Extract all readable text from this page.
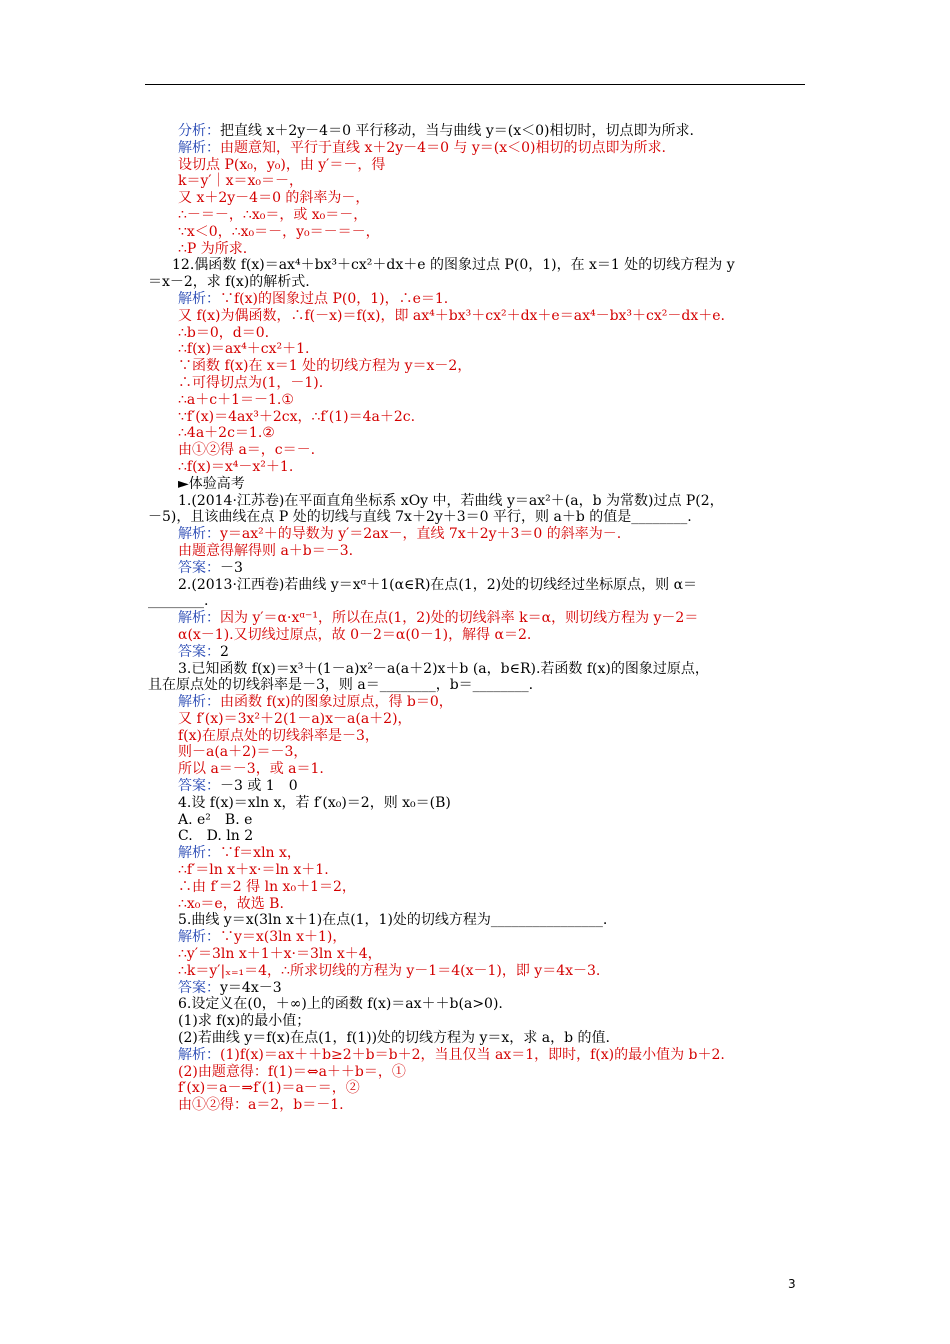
分析：把直线 x＋2y－4＝0 平行移动，当与曲线 y＝(x＜0)相切时，切点即为所求.
解析：由题意知，平行于直线 x＋2y－4＝0 与 y＝(x＜0)相切的切点即为所求.
设切点 P(x₀，y₀)，由 y′＝－，得
k＝y′｜x＝x₀＝－，
又 x＋2y－4＝0 的斜率为－，
∴－＝－，∴x₀＝，或 x₀＝－，
∵x＜0，∴x₀＝－，y₀＝－＝－，
∴P 为所求.
12.偶函数 f(x)＝ax⁴＋bx³＋cx²＋dx＋e 的图象过点 P(0，1)，在 x＝1 处的切线方程为 y
＝x－2，求 f(x)的解析式.
解析：∵f(x)的图象过点 P(0，1)，∴e＝1.
又 f(x)为偶函数，∴f(－x)＝f(x)，即 ax⁴＋bx³＋cx²＋dx＋e＝ax⁴－bx³＋cx²－dx＋e.
∴b＝0，d＝0.
∴f(x)＝ax⁴＋cx²＋1.
∵函数 f(x)在 x＝1 处的切线方程为 y＝x－2，
∴可得切点为(1，－1).
∴a＋c＋1＝－1.①
∵f′(x)＝4ax³＋2cx，∴f′(1)＝4a＋2c.
∴4a＋2c＝1.②
由①②得 a＝，c＝－.
∴f(x)＝x⁴－x²＋1.
►体验高考
1.(2014·江苏卷)在平面直角坐标系 xOy 中，若曲线 y＝ax²＋(a，b 为常数)过点 P(2，
－5)，且该曲线在点 P 处的切线与直线 7x＋2y＋3＝0 平行，则 a＋b 的值是________.
解析：y＝ax²＋的导数为 y′＝2ax－，直线 7x＋2y＋3＝0 的斜率为－.
由题意得解得则 a＋b＝－3.
答案：－3
2.(2013·江西卷)若曲线 y＝xᵅ＋1(α∈R)在点(1，2)处的切线经过坐标原点，则 α＝
________.
解析：因为 y′＝α·xᵅ⁻¹，所以在点(1，2)处的切线斜率 k＝α，则切线方程为 y－2＝
α(x－1).又切线过原点，故 0－2＝α(0－1)，解得 α＝2.
答案：2
3.已知函数 f(x)＝x³＋(1－a)x²－a(a＋2)x＋b (a，b∈R).若函数 f(x)的图象过原点，
且在原点处的切线斜率是－3，则 a＝________，b＝________.
解析：由函数 f(x)的图象过原点，得 b＝0，
又 f′(x)＝3x²＋2(1－a)x－a(a＋2)，
f(x)在原点处的切线斜率是－3，
则－a(a＋2)＝－3，
所以 a＝－3，或 a＝1.
答案：－3 或 1　0
4.设 f(x)＝xln x，若 f′(x₀)＝2，则 x₀＝(B)
A. e²　B. e
C.　D. ln 2
解析：∵f＝xln x，
∴f′＝ln x＋x·＝ln x＋1.
∴由 f′＝2 得 ln x₀＋1＝2，
∴x₀＝e，故选 B.
5.曲线 y＝x(3ln x＋1)在点(1，1)处的切线方程为________________.
解析：∵y＝x(3ln x＋1)，
∴y′＝3ln x＋1＋x·＝3ln x＋4，
∴k＝y′|ₓ₌₁＝4，∴所求切线的方程为 y－1＝4(x－1)，即 y＝4x－3.
答案：y＝4x－3
6.设定义在(0，＋∞)上的函数 f(x)＝ax＋＋b(a>0).
(1)求 f(x)的最小值；
(2)若曲线 y＝f(x)在点(1，f(1))处的切线方程为 y＝x，求 a，b 的值.
解析：(1)f(x)＝ax＋＋b≥2＋b＝b＋2，当且仅当 ax＝1，即时，f(x)的最小值为 b＋2.
(2)由题意得：f(1)＝⇔a＋＋b＝，①
f′(x)＝a－⇒f′(1)＝a－＝，②
由①②得：a＝2，b＝－1.
3
